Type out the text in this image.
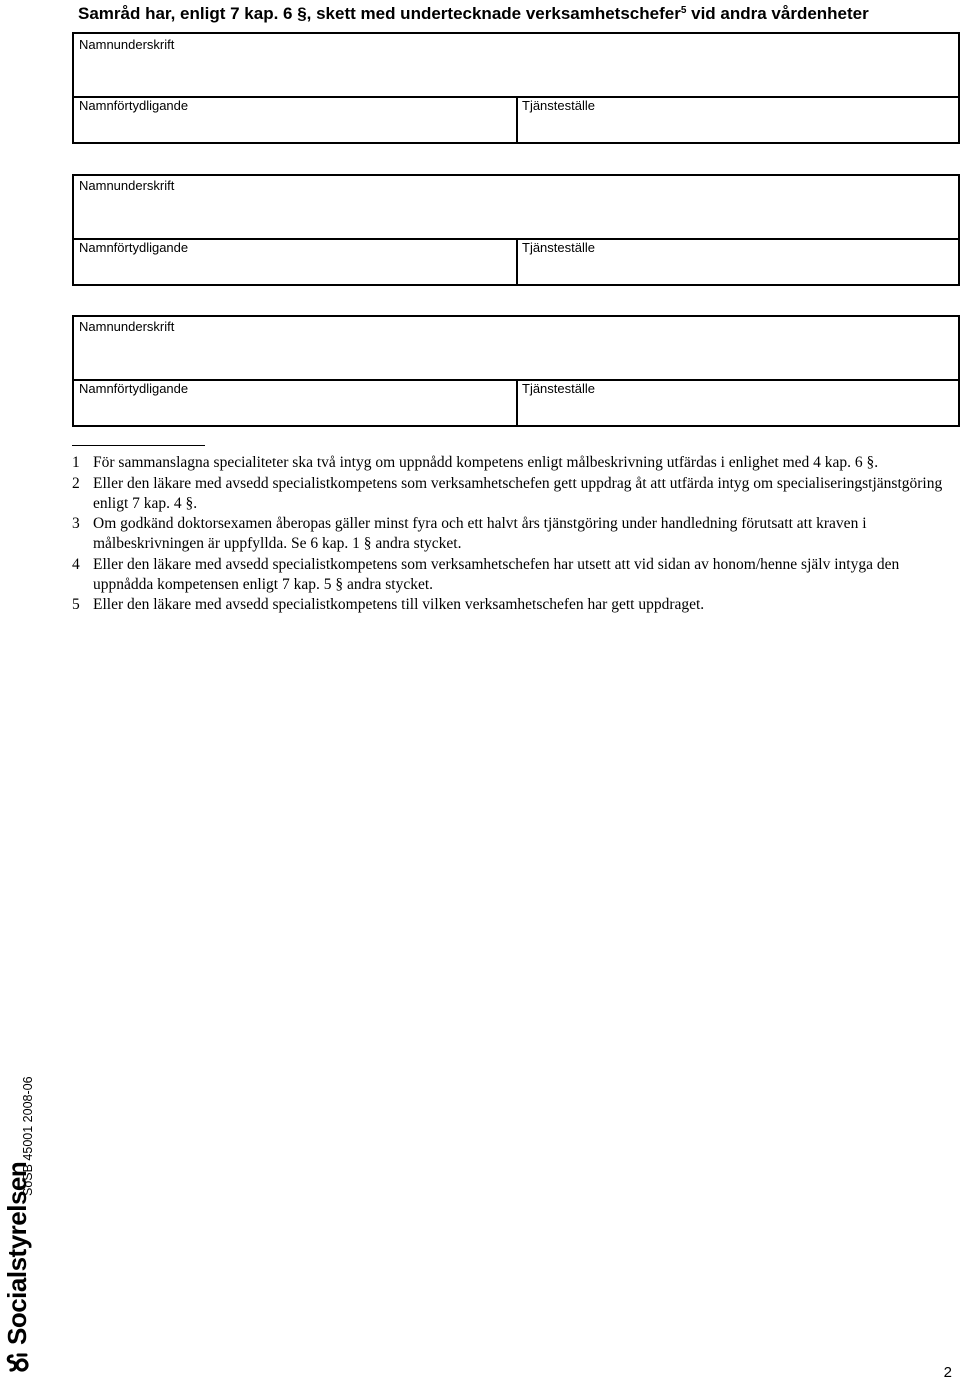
Samråd har, enligt 7 kap. 6 §, skett med undertecknade verksamhetschefer$^5$ vid andra vårdenheter
Namnunderskrift
Namnförtydligande	Tjänsteställe
Namnunderskrift
Namnförtydligande	Tjänsteställe
Namnunderskrift
Namnförtydligande	Tjänsteställe
1 För sammanslagna specialiteter ska två intyg om uppnådd kompetens enligt målbeskrivning utfärdas i enlighet med 4 kap. 6 §.
2 Eller den läkare med avsedd specialistkompetens som verksamhetschefen gett uppdrag åt att utfärda intyg om specialiseringstjänstgöring enligt 7 kap. 4 §.
3 Om godkänd doktorsexamen åberopas gäller minst fyra och ett halvt års tjänstgöring under handledning förutsatt att kraven i målbeskrivningen är uppfyllda. Se 6 kap. 1 § andra stycket.
4 Eller den läkare med avsedd specialistkompetens som verksamhetschefen har utsett att vid sidan av honom/henne själv intyga den uppnådda kompetensen enligt 7 kap. 5 § andra stycket.
5 Eller den läkare med avsedd specialistkompetens till vilken verksamhetschefen har gett uppdraget.
SoSB 45001 2008-06
Socialstyrelsen
2
